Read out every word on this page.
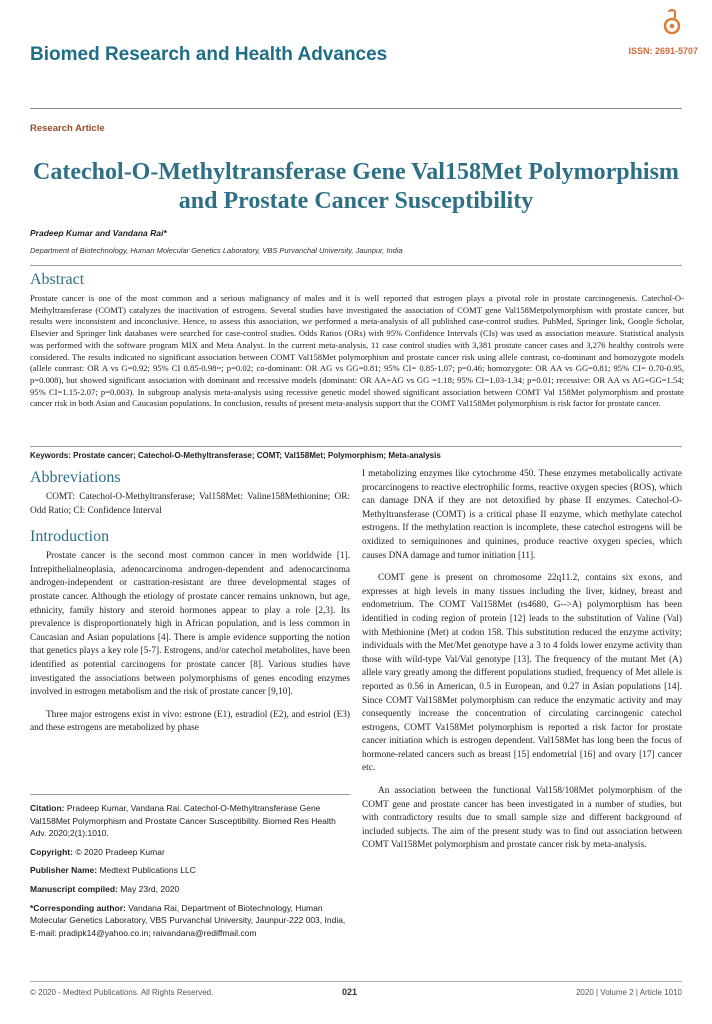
Biomed Research and Health Advances	ISSN: 2691-5707
Research Article
Catechol-O-Methyltransferase Gene Val158Met Polymorphism and Prostate Cancer Susceptibility
Pradeep Kumar and Vandana Rai*
Department of Biotechnology, Human Molecular Genetics Laboratory, VBS Purvanchal University, Jaunpur, India
Abstract
Prostate cancer is one of the most common and a serious malignancy of males and it is well reported that estrogen plays a pivotal role in prostate carcinogenesis. Catechol-O-Methyltransferase (COMT) catalyzes the inactivation of estrogens. Several studies have investigated the association of COMT gene Val158Metpolymorphism with prostate cancer, but results were inconsistent and inconclusive. Hence, to assess this association, we performed a meta-analysis of all published case-control studies. PubMed, Springer link, Google Scholar, Elsevier and Springer link databases were searched for case-control studies. Odds Ratios (ORs) with 95% Confidence Intervals (CIs) was used as association measure. Statistical analysis was performed with the software program MIX and Meta Analyst. In the current meta-analysis, 11 case control studies with 3,381 prostate cancer cases and 3,276 healthy controls were considered. The results indicated no significant association between COMT Val158Met polymorphism and prostate cancer risk using allele contrast, co-dominant and homozygote models (allele contrast: OR A vs G=0.92; 95% CI 0.85-0.98=; p=0.02; co-dominant: OR AG vs GG=0.81; 95% CI= 0.85-1.07; p=0.46; homozygote: OR AA vs GG=0.81; 95% CI= 0.70-0.95, p=0.008), but showed significant association with dominant and recessive models (dominant: OR AA+AG vs GG =1.18; 95% CI=1.03-1.34; p=0.01; recessive: OR AA vs AG+GG=1.54; 95% CI=1.15-2.07; p=0.003). In subgroup analysis meta-analysis using recessive genetic model showed significant association between COMT Val 158Met polymorphism and prostate cancer risk in both Asian and Caucasian populations. In conclusion, results of present meta-analysis support that the COMT Val158Met polymorphism is risk factor for prostate cancer.
Keywords: Prostate cancer; Catechol-O-Methyltransferase; COMT; Val158Met; Polymorphism; Meta-analysis
Abbreviations

COMT: Catechol-O-Methyltransferase; Val158Met: Valine158Methionine; OR: Odd Ratio; CI: Confidence Interval

Introduction

Prostate cancer is the second most common cancer in men worldwide [1]. Intrepithelialneoplasia, adenocarcinoma androgen-dependent and adenocarcinoma androgen-independent or castration-resistant are three developmental stages of prostate cancer. Although the etiology of prostate cancer remains unknown, but age, ethnicity, family history and steroid hormones appear to play a role [2,3]. Its prevalence is disproportionately high in African population, and is less common in Caucasian and Asian populations [4]. There is ample evidence supporting the notion that genetics plays a key role [5-7]. Estrogens, and/or catechol metabolites, have been identified as potential carcinogens for prostate cancer [8]. Various studies have investigated the associations between polymorphisms of genes encoding enzymes involved in estrogen metabolism and the risk of prostate cancer [9,10].

Three major estrogens exist in vivo: estrone (E1), estradiol (E2), and estriol (E3) and these estrogens are metabolized by phase

Citation: Pradeep Kumar, Vandana Rai. Catechol-O-Methyltransferase Gene Val158Met Polymorphism and Prostate Cancer Susceptibility. Biomed Res Health Adv. 2020;2(1):1010.
Copyright: © 2020 Pradeep Kumar
Publisher Name: Medtext Publications LLC
Manuscript compiled: May 23rd, 2020
*Corresponding author: Vandana Rai, Department of Biotechnology, Human Molecular Genetics Laboratory, VBS Purvanchal University, Jaunpur-222 003, India, E-mail: pradipk14@yahoo.co.in; raivandana@rediffmail.com

I metabolizing enzymes like cytochrome 450. These enzymes metabolically activate procarcinogens to reactive electrophilic forms, reactive oxygen species (ROS), which can damage DNA if they are not detoxified by phase II enzymes. Catechol-O-Methyltransferase (COMT) is a critical phase II enzyme, which methylate catechol estrogens. If the methylation reaction is incomplete, these catechol estrogens will be oxidized to semiquinones and quinines, produce reactive oxygen species, which causes DNA damage and tumor initiation [11].

COMT gene is present on chromosome 22q11.2, contains six exons, and expresses at high levels in many tissues including the liver, kidney, breast and endometrium. The COMT Val158Met (rs4680, G-->A) polymorphism has been identified in coding region of protein [12] leads to the substitution of Valine (Val) with Methionine (Met) at codon 158. This substitution reduced the enzyme activity; individuals with the Met/Met genotype have a 3 to 4 folds lower enzyme activity than those with wild-type Val/Val genotype [13]. The frequency of the mutant Met (A) allele vary greatly among the different populations studied, frequency of Met allele is reported as 0.56 in American, 0.5 in European, and 0.27 in Asian populations [14]. Since COMT Val158Met polymorphism can reduce the enzymatic activity and may consequently increase the concentration of circulating carcinogenic catechol estrogens, COMT Va158Met polymorphism is reported a risk factor for prostate cancer initiation which is estrogen dependent. Val158Met has long been the focus of hormone-related cancers such as breast [15] endometrial [16] and ovary [17] cancer etc.

An association between the functional Val158/108Met polymorphism of the COMT gene and prostate cancer has been investigated in a number of studies, but with contradictory results due to small sample size and different background of included subjects. The aim of the present study was to find out association between COMT Val158Met polymorphism and prostate cancer risk by meta-analysis.

© 2020 - Medtext Publications. All Rights Reserved.	021	2020 | Volume 2 | Article 1010
